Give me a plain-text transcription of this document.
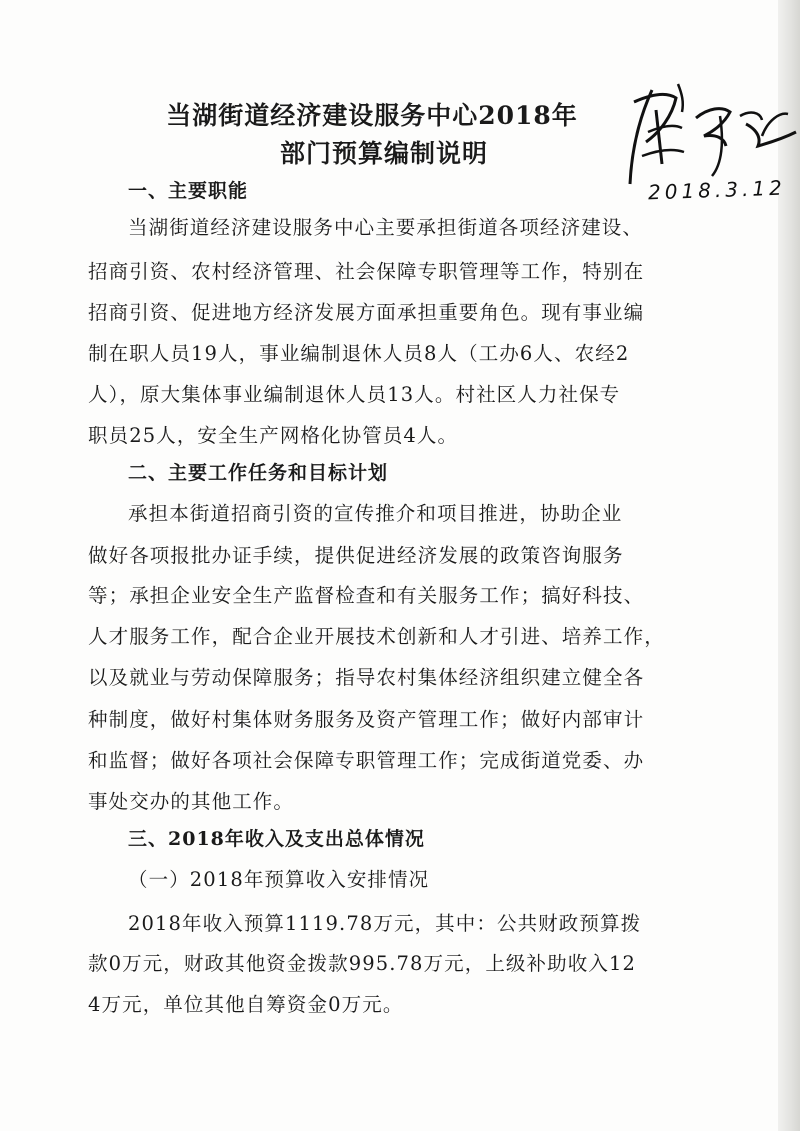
当湖街道经济建设服务中心2018年
部门预算编制说明
2018.3.12
一、主要职能
当湖街道经济建设服务中心主要承担街道各项经济建设、
招商引资、农村经济管理、社会保障专职管理等工作，特别在
招商引资、促进地方经济发展方面承担重要角色。现有事业编
制在职人员19人，事业编制退休人员8人（工办6人、农经2
人），原大集体事业编制退休人员13人。村社区人力社保专
职员25人，安全生产网格化协管员4人。
二、主要工作任务和目标计划
承担本街道招商引资的宣传推介和项目推进，协助企业
做好各项报批办证手续，提供促进经济发展的政策咨询服务
等；承担企业安全生产监督检查和有关服务工作；搞好科技、
人才服务工作，配合企业开展技术创新和人才引进、培养工作，
以及就业与劳动保障服务；指导农村集体经济组织建立健全各
种制度，做好村集体财务服务及资产管理工作；做好内部审计
和监督；做好各项社会保障专职管理工作；完成街道党委、办
事处交办的其他工作。
三、2018年收入及支出总体情况
（一）2018年预算收入安排情况
2018年收入预算1119.78万元，其中：公共财政预算拨
款0万元，财政其他资金拨款995.78万元，上级补助收入12
4万元，单位其他自筹资金0万元。
